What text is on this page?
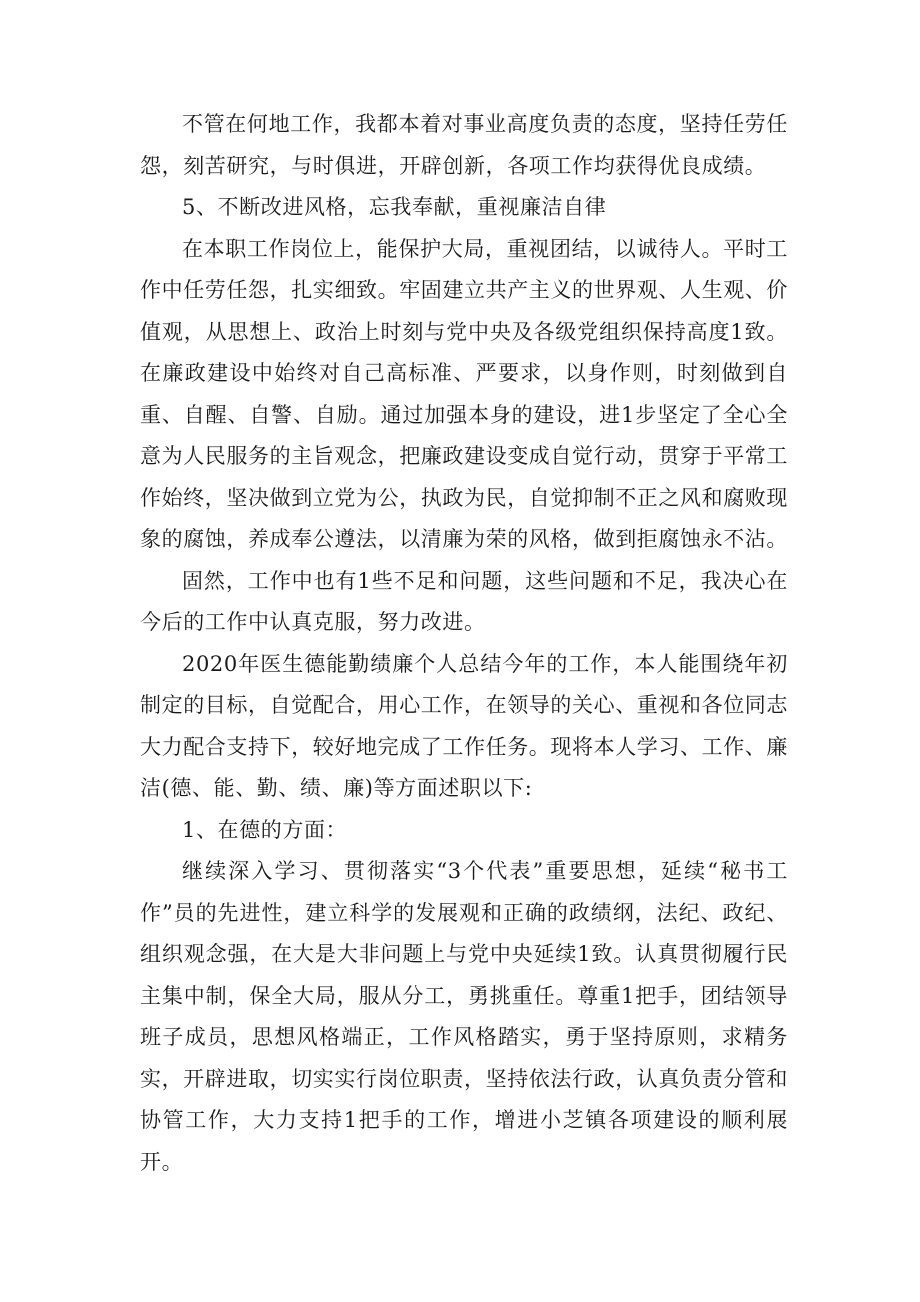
不管在何地工作，我都本着对事业高度负责的态度，坚持任劳任怨，刻苦研究，与时俱进，开辟创新，各项工作均获得优良成绩。

5、不断改进风格，忘我奉献，重视廉洁自律

在本职工作岗位上，能保护大局，重视团结，以诚待人。平时工作中任劳任怨，扎实细致。牢固建立共产主义的世界观、人生观、价值观，从思想上、政治上时刻与党中央及各级党组织保持高度1致。在廉政建设中始终对自己高标准、严要求，以身作则，时刻做到自重、自醒、自警、自励。通过加强本身的建设，进1步坚定了全心全意为人民服务的主旨观念，把廉政建设变成自觉行动，贯穿于平常工作始终，坚决做到立党为公，执政为民，自觉抑制不正之风和腐败现象的腐蚀，养成奉公遵法，以清廉为荣的风格，做到拒腐蚀永不沾。

固然，工作中也有1些不足和问题，这些问题和不足，我决心在今后的工作中认真克服，努力改进。

2020年医生德能勤绩廉个人总结今年的工作，本人能围绕年初制定的目标，自觉配合，用心工作，在领导的关心、重视和各位同志大力配合支持下，较好地完成了工作任务。现将本人学习、工作、廉洁(德、能、勤、绩、廉)等方面述职以下:

1、在德的方面：

继续深入学习、贯彻落实“3个代表”重要思想，延续“秘书工作”员的先进性，建立科学的发展观和正确的政绩纲，法纪、政纪、组织观念强，在大是大非问题上与党中央延续1致。认真贯彻履行民主集中制，保全大局，服从分工，勇挑重任。尊重1把手，团结领导班子成员，思想风格端正，工作风格踏实，勇于坚持原则，求精务实，开辟进取，切实实行岗位职责，坚持依法行政，认真负责分管和协管工作，大力支持1把手的工作，增进小芝镇各项建设的顺利展开。
